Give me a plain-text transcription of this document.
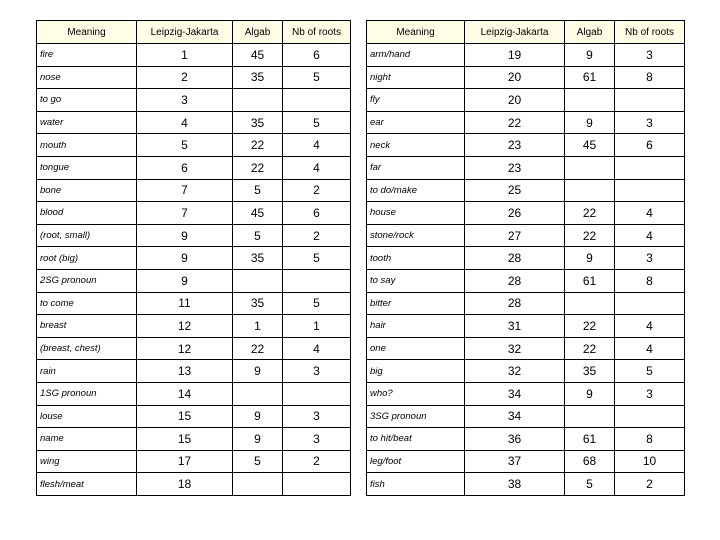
Meaning	Leipzig-Jakarta	Algab	Nb of roots
fire	1	45	6
nose	2	35	5
to go	3		
water	4	35	5
mouth	5	22	4
tongue	6	22	4
bone	7	5	2
blood	7	45	6
(root, small)	9	5	2
root (big)	9	35	5
2SG pronoun	9		
to come	11	35	5
breast	12	1	1
(breast, chest)	12	22	4
rain	13	9	3
1SG pronoun	14		
louse	15	9	3
name	15	9	3
wing	17	5	2
flesh/meat	18		
Meaning	Leipzig-Jakarta	Algab	Nb of roots
arm/hand	19	9	3
night	20	61	8
fly	20		
ear	22	9	3
neck	23	45	6
far	23		
to do/make	25		
house	26	22	4
stone/rock	27	22	4
tooth	28	9	3
to say	28	61	8
bitter	28		
hair	31	22	4
one	32	22	4
big	32	35	5
who?	34	9	3
3SG pronoun	34		
to hit/beat	36	61	8
leg/foot	37	68	10
fish	38	5	2
